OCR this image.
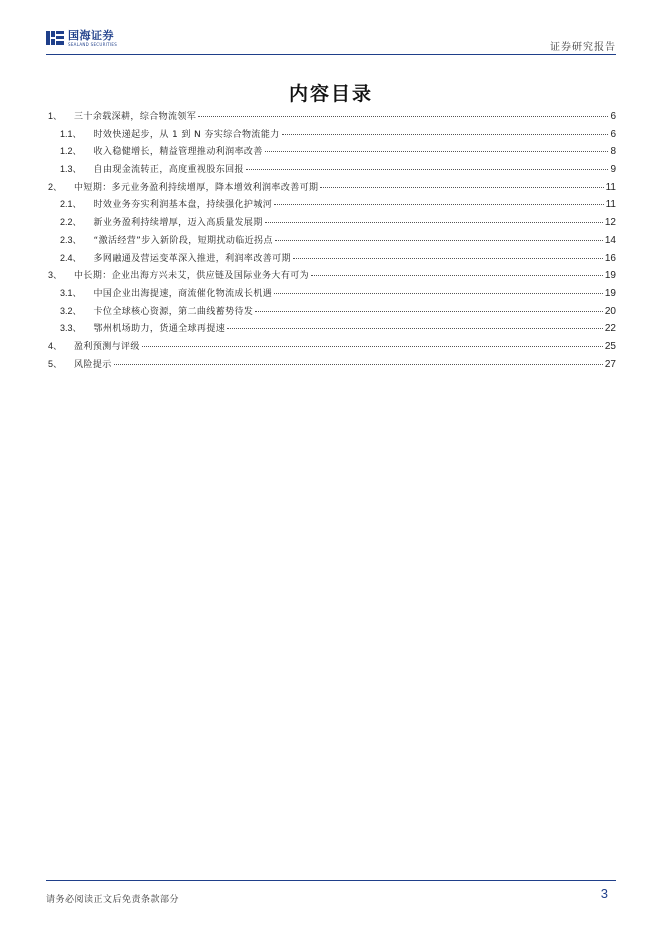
国海证券
SEALAND SECURITIES	证券研究报告
内容目录
1、 三十余载深耕，综合物流领军	6
1.1、 时效快递起步，从 1 到 N 夯实综合物流能力	6
1.2、 收入稳健增长，精益管理推动利润率改善	8
1.3、 自由现金流转正，高度重视股东回报	9
2、 中短期：多元业务盈利持续增厚，降本增效利润率改善可期	11
2.1、 时效业务夯实利润基本盘，持续强化护城河	11
2.2、 新业务盈利持续增厚，迈入高质量发展期	12
2.3、 “激活经营”步入新阶段，短期扰动临近拐点	14
2.4、 多网融通及营运变革深入推进，利润率改善可期	16
3、 中长期：企业出海方兴未艾，供应链及国际业务大有可为	19
3.1、 中国企业出海提速，商流催化物流成长机遇	19
3.2、 卡位全球核心资源，第二曲线蓄势待发	20
3.3、 鄂州机场助力，货通全球再提速	22
4、 盈利预测与评级	25
5、 风险提示	27
请务必阅读正文后免责条款部分	3
